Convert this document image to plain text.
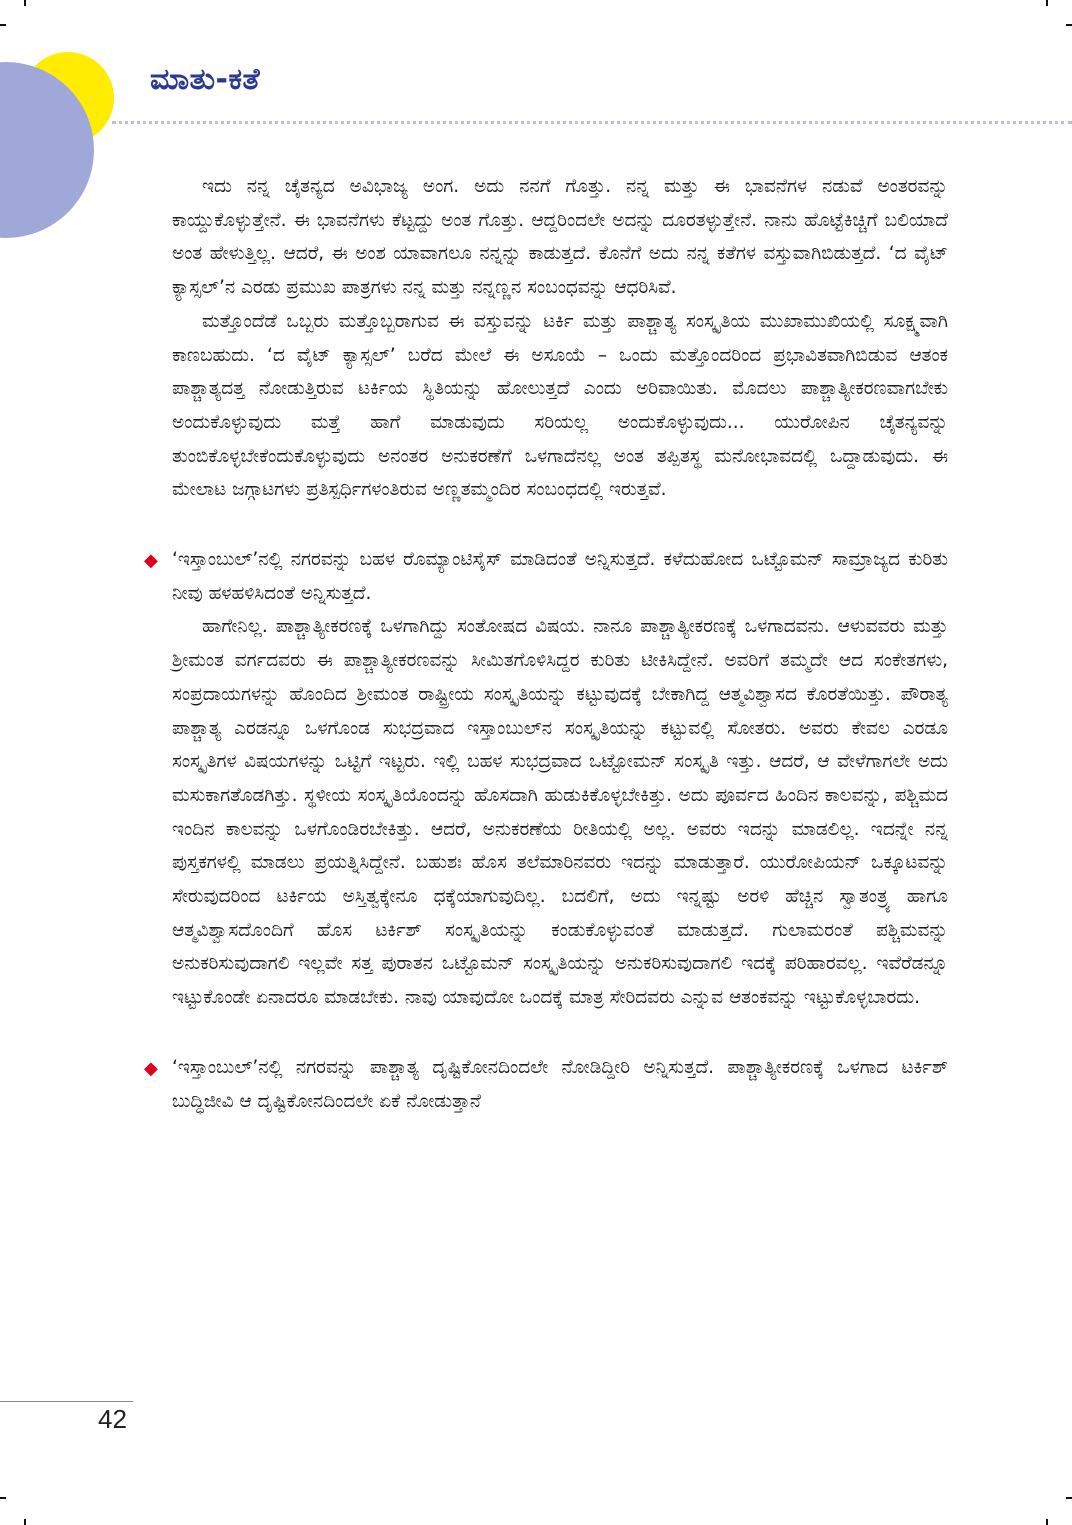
ಮಾತು-ಕತೆ

ಇದು ನನ್ನ ಚೈತನ್ಯದ ಅವಿಭಾಜ್ಯ ಅಂಗ. ಅದು ನನಗೆ ಗೊತ್ತು. ನನ್ನ ಮತ್ತು ಈ ಭಾವನೆಗಳ ನಡುವೆ ಅಂತರವನ್ನು ಕಾಯ್ದುಕೊಳ್ಳುತ್ತೇನೆ. ಈ ಭಾವನೆಗಳು ಕೆಟ್ಟದ್ದು ಅಂತ ಗೊತ್ತು. ಆದ್ದರಿಂದಲೇ ಅದನ್ನು ದೂರತಳ್ಳುತ್ತೇನೆ. ನಾನು ಹೊಟ್ಟೆಕಿಚ್ಚಿಗೆ ಬಲಿಯಾದೆ ಅಂತ ಹೇಳುತ್ತಿಲ್ಲ. ಆದರೆ, ಈ ಅಂಶ ಯಾವಾಗಲೂ ನನ್ನನ್ನು ಕಾಡುತ್ತದೆ. ಕೊನೆಗೆ ಅದು ನನ್ನ ಕತೆಗಳ ವಸ್ತುವಾಗಿಬಿಡುತ್ತದೆ. ‘ದ ವೈಟ್ ಕ್ಯಾಸ್ಸಲ್’ನ ಎರಡು ಪ್ರಮುಖ ಪಾತ್ರಗಳು ನನ್ನ ಮತ್ತು ನನ್ನಣ್ಣನ ಸಂಬಂಧವನ್ನು ಆಧರಿಸಿವೆ.

ಮತ್ತೊಂದೆಡೆ ಒಬ್ಬರು ಮತ್ತೊಬ್ಬರಾಗುವ ಈ ವಸ್ತುವನ್ನು ಟರ್ಕಿ ಮತ್ತು ಪಾಶ್ಚಾತ್ಯ ಸಂಸ್ಕೃತಿಯ ಮುಖಾಮುಖಿಯಲ್ಲಿ ಸೂಕ್ಷ್ಮವಾಗಿ ಕಾಣಬಹುದು. ‘ದ ವೈಟ್ ಕ್ಯಾಸ್ಸಲ್’ ಬರೆದ ಮೇಲೆ ಈ ಅಸೂಯೆ – ಒಂದು ಮತ್ತೊಂದರಿಂದ ಪ್ರಭಾವಿತವಾಗಿಬಿಡುವ ಆತಂಕ ಪಾಶ್ಚಾತ್ಯದತ್ತ ನೋಡುತ್ತಿರುವ ಟರ್ಕಿಯ ಸ್ಥಿತಿಯನ್ನು ಹೋಲುತ್ತದೆ ಎಂದು ಅರಿವಾಯಿತು. ಮೊದಲು ಪಾಶ್ಚಾತ್ಯೀಕರಣವಾಗಬೇಕು ಅಂದುಕೊಳ್ಳುವುದು ಮತ್ತೆ ಹಾಗೆ ಮಾಡುವುದು ಸರಿಯಲ್ಲ ಅಂದುಕೊಳ್ಳುವುದು... ಯುರೋಪಿನ ಚೈತನ್ಯವನ್ನು ತುಂಬಿಕೊಳ್ಳಬೇಕೆಂದುಕೊಳ್ಳುವುದು ಅನಂತರ ಅನುಕರಣೆಗೆ ಒಳಗಾದೆನಲ್ಲ ಅಂತ ತಪ್ಪಿತಸ್ಥ ಮನೋಭಾವದಲ್ಲಿ ಒದ್ದಾಡುವುದು. ಈ ಮೇಲಾಟ ಜಗ್ಗಾಟಗಳು ಪ್ರತಿಸ್ಪರ್ಧಿಗಳಂತಿರುವ ಅಣ್ಣತಮ್ಮಂದಿರ ಸಂಬಂಧದಲ್ಲಿ ಇರುತ್ತವೆ.

◆ ‘ಇಸ್ತಾಂಬುಲ್’ನಲ್ಲಿ ನಗರವನ್ನು ಬಹಳ ರೊಮ್ಯಾಂಟಿಸೈಸ್ ಮಾಡಿದಂತೆ ಅನ್ನಿಸುತ್ತದೆ. ಕಳೆದುಹೋದ ಒಟ್ಟೊಮನ್ ಸಾಮ್ರಾಜ್ಯದ ಕುರಿತು ನೀವು ಹಳಹಳಿಸಿದಂತೆ ಅನ್ನಿಸುತ್ತದೆ.

ಹಾಗೇನಿಲ್ಲ. ಪಾಶ್ಚಾತ್ಯೀಕರಣಕ್ಕೆ ಒಳಗಾಗಿದ್ದು ಸಂತೋಷದ ವಿಷಯ. ನಾನೂ ಪಾಶ್ಚಾತ್ಯೀಕರಣಕ್ಕೆ ಒಳಗಾದವನು. ಆಳುವವರು ಮತ್ತು ಶ್ರೀಮಂತ ವರ್ಗದವರು ಈ ಪಾಶ್ಚಾತ್ಯೀಕರಣವನ್ನು ಸೀಮಿತಗೊಳಿಸಿದ್ದರ ಕುರಿತು ಟೀಕಿಸಿದ್ದೇನೆ. ಅವರಿಗೆ ತಮ್ಮದೇ ಆದ ಸಂಕೇತಗಳು, ಸಂಪ್ರದಾಯಗಳನ್ನು ಹೊಂದಿದ ಶ್ರೀಮಂತ ರಾಷ್ಟ್ರೀಯ ಸಂಸ್ಕೃತಿಯನ್ನು ಕಟ್ಟುವುದಕ್ಕೆ ಬೇಕಾಗಿದ್ದ ಆತ್ಮವಿಶ್ವಾಸದ ಕೊರತೆಯಿತ್ತು. ಪೌರಾತ್ಯ ಪಾಶ್ಚಾತ್ಯ ಎರಡನ್ನೂ ಒಳಗೊಂಡ ಸುಭದ್ರವಾದ ಇಸ್ತಾಂಬುಲ್‌ನ ಸಂಸ್ಕೃತಿಯನ್ನು ಕಟ್ಟುವಲ್ಲಿ ಸೋತರು. ಅವರು ಕೇವಲ ಎರಡೂ ಸಂಸ್ಕೃತಿಗಳ ವಿಷಯಗಳನ್ನು ಒಟ್ಟಿಗೆ ಇಟ್ಟರು. ಇಲ್ಲಿ ಬಹಳ ಸುಭದ್ರವಾದ ಒಟ್ಟೋಮನ್ ಸಂಸ್ಕೃತಿ ಇತ್ತು. ಆದರೆ, ಆ ವೇಳೆಗಾಗಲೇ ಅದು ಮಸುಕಾಗತೊಡಗಿತ್ತು. ಸ್ಥಳೀಯ ಸಂಸ್ಕೃತಿಯೊಂದನ್ನು ಹೊಸದಾಗಿ ಹುಡುಕಿಕೊಳ್ಳಬೇಕಿತ್ತು. ಅದು ಪೂರ್ವದ ಹಿಂದಿನ ಕಾಲವನ್ನು, ಪಶ್ಚಿಮದ ಇಂದಿನ ಕಾಲವನ್ನು ಒಳಗೊಂಡಿರಬೇಕಿತ್ತು. ಆದರೆ, ಅನುಕರಣೆಯ ರೀತಿಯಲ್ಲಿ ಅಲ್ಲ. ಅವರು ಇದನ್ನು ಮಾಡಲಿಲ್ಲ. ಇದನ್ನೇ ನನ್ನ ಪುಸ್ತಕಗಳಲ್ಲಿ ಮಾಡಲು ಪ್ರಯತ್ನಿಸಿದ್ದೇನೆ. ಬಹುಶಃ ಹೊಸ ತಲೆಮಾರಿನವರು ಇದನ್ನು ಮಾಡುತ್ತಾರೆ. ಯುರೋಪಿಯನ್ ಒಕ್ಕೂಟವನ್ನು ಸೇರುವುದರಿಂದ ಟರ್ಕಿಯ ಅಸ್ತಿತ್ವಕ್ಕೇನೂ ಧಕ್ಕೆಯಾಗುವುದಿಲ್ಲ. ಬದಲಿಗೆ, ಅದು ಇನ್ನಷ್ಟು ಅರಳಿ ಹೆಚ್ಚಿನ ಸ್ವಾತಂತ್ರ್ಯ ಹಾಗೂ ಆತ್ಮವಿಶ್ವಾಸದೊಂದಿಗೆ ಹೊಸ ಟರ್ಕಿಶ್ ಸಂಸ್ಕೃತಿಯನ್ನು ಕಂಡುಕೊಳ್ಳುವಂತೆ ಮಾಡುತ್ತದೆ. ಗುಲಾಮರಂತೆ ಪಶ್ಚಿಮವನ್ನು ಅನುಕರಿಸುವುದಾಗಲಿ ಇಲ್ಲವೇ ಸತ್ತ ಪುರಾತನ ಒಟ್ಟೊಮನ್ ಸಂಸ್ಕೃತಿಯನ್ನು ಅನುಕರಿಸುವುದಾಗಲಿ ಇದಕ್ಕೆ ಪರಿಹಾರವಲ್ಲ. ಇವೆರೆಡನ್ನೂ ಇಟ್ಟುಕೊಂಡೇ ಏನಾದರೂ ಮಾಡಬೇಕು. ನಾವು ಯಾವುದೋ ಒಂದಕ್ಕೆ ಮಾತ್ರ ಸೇರಿದವರು ಎನ್ನುವ ಆತಂಕವನ್ನು ಇಟ್ಟುಕೊಳ್ಳಬಾರದು.

◆ ‘ಇಸ್ತಾಂಬುಲ್’ನಲ್ಲಿ ನಗರವನ್ನು ಪಾಶ್ಚಾತ್ಯ ದೃಷ್ಟಿಕೋನದಿಂದಲೇ ನೋಡಿದ್ದೀರಿ ಅನ್ನಿಸುತ್ತದೆ. ಪಾಶ್ಚಾತ್ಯೀಕರಣಕ್ಕೆ ಒಳಗಾದ ಟರ್ಕಿಶ್ ಬುದ್ಧಿಜೀವಿ ಆ ದೃಷ್ಟಿಕೋನದಿಂದಲೇ ಏಕೆ ನೋಡುತ್ತಾನೆ

42
